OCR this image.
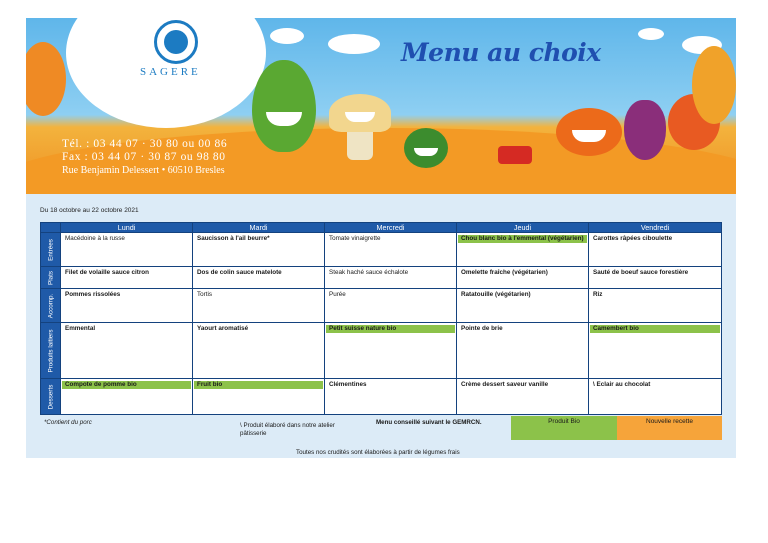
SAGERE
Menu au choix
Tél. : 03 44 07 · 30 80 ou 00 86
Fax : 03 44 07 · 30 87 ou 98 80
Rue Benjamin Delessert • 60510 Bresles
Du 18 octobre au 22 octobre 2021
	Lundi	Mardi	Mercredi	Jeudi	Vendredi

Entrées	Macédoine à la russe	Saucisson à l'ail beurre*	Tomate vinaigrette	Chou blanc bio à l'emmental (végétarien)	Carottes râpées ciboulette

Plats	Filet de volaille sauce citron	Dos de colin sauce matelote	Steak haché sauce échalote	Omelette fraîche (végétarien)	Sauté de boeuf sauce forestière

Accomp.	Pommes rissolées	Tortis	Purée	Ratatouille (végétarien)	Riz

Produits laitiers	Emmental	Yaourt aromatisé	Petit suisse nature bio	Pointe de brie	Camembert bio

Desserts	Compote de pomme bio	Fruit bio	Clémentines	Crème dessert saveur vanille	\ Eclair au chocolat
*Contient du porc	\ Produit élaboré dans notre atelier pâtisserie
Menu conseillé suivant le GEMRCN.	Produit Bio	Nouvelle recette
Toutes nos crudités sont élaborées à partir de légumes frais
